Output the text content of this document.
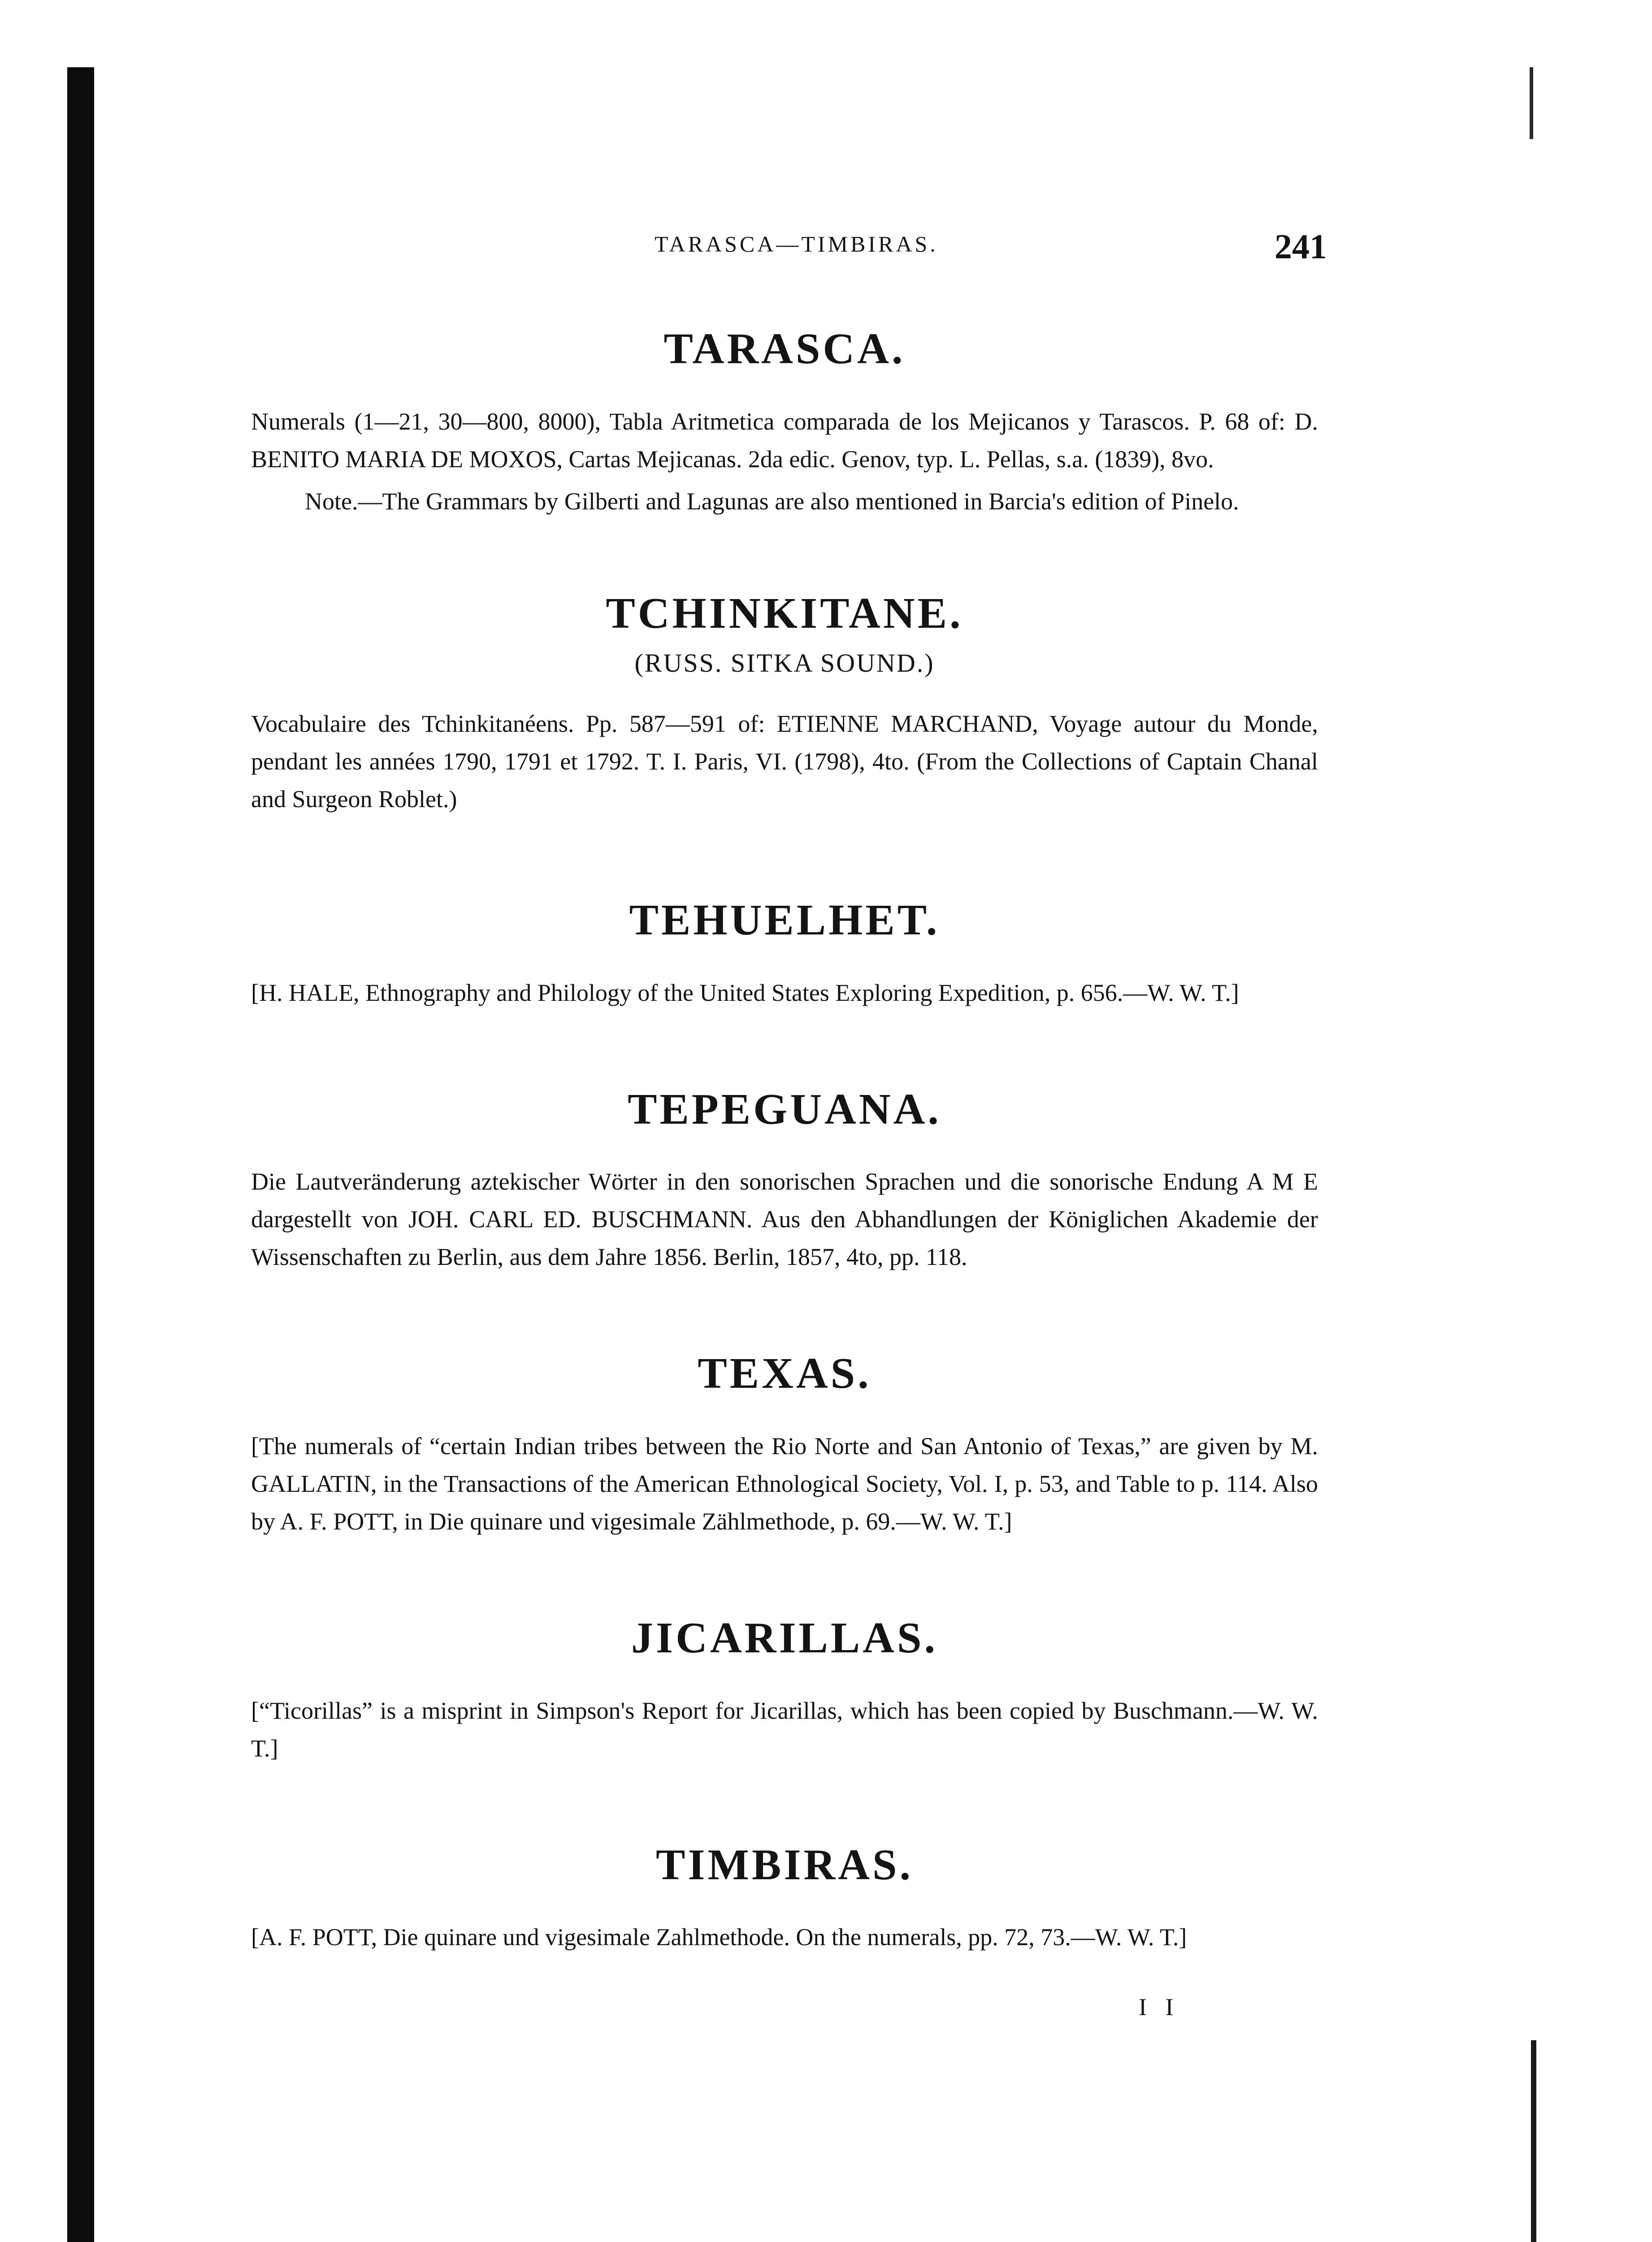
TARASCA—TIMBIRAS.	241
TARASCA.

Numerals (1—21, 30—800, 8000), Tabla Aritmetica comparada de los Mejicanos y Tarascos. P. 68 of: D. BENITO MARIA DE MOXOS, Cartas Mejicanas. 2da edic. Genov, typ. L. Pellas, s.a. (1839), 8vo.

Note.—The Grammars by Gilberti and Lagunas are also mentioned in Barcia's edition of Pinelo.

TCHINKITANE.
(RUSS. SITKA SOUND.)

Vocabulaire des Tchinkitanéens. Pp. 587—591 of: ETIENNE MARCHAND, Voyage autour du Monde, pendant les années 1790, 1791 et 1792. T. I. Paris, VI. (1798), 4to. (From the Collections of Captain Chanal and Surgeon Roblet.)

TEHUELHET.

[H. HALE, Ethnography and Philology of the United States Exploring Expedition, p. 656.—W. W. T.]

TEPEGUANA.

Die Lautveränderung aztekischer Wörter in den sonorischen Sprachen und die sonorische Endung A M E dargestellt von JOH. CARL ED. BUSCHMANN. Aus den Abhandlungen der Königlichen Akademie der Wissenschaften zu Berlin, aus dem Jahre 1856. Berlin, 1857, 4to, pp. 118.

TEXAS.

[The numerals of “certain Indian tribes between the Rio Norte and San Antonio of Texas,” are given by M. GALLATIN, in the Transactions of the American Ethnological Society, Vol. I, p. 53, and Table to p. 114. Also by A. F. POTT, in Die quinare und vigesimale Zählmethode, p. 69.—W. W. T.]

JICARILLAS.

[“Ticorillas” is a misprint in Simpson's Report for Jicarillas, which has been copied by Buschmann.—W. W. T.]

TIMBIRAS.

[A. F. POTT, Die quinare und vigesimale Zahlmethode. On the numerals, pp. 72, 73.—W. W. T.]

I I
